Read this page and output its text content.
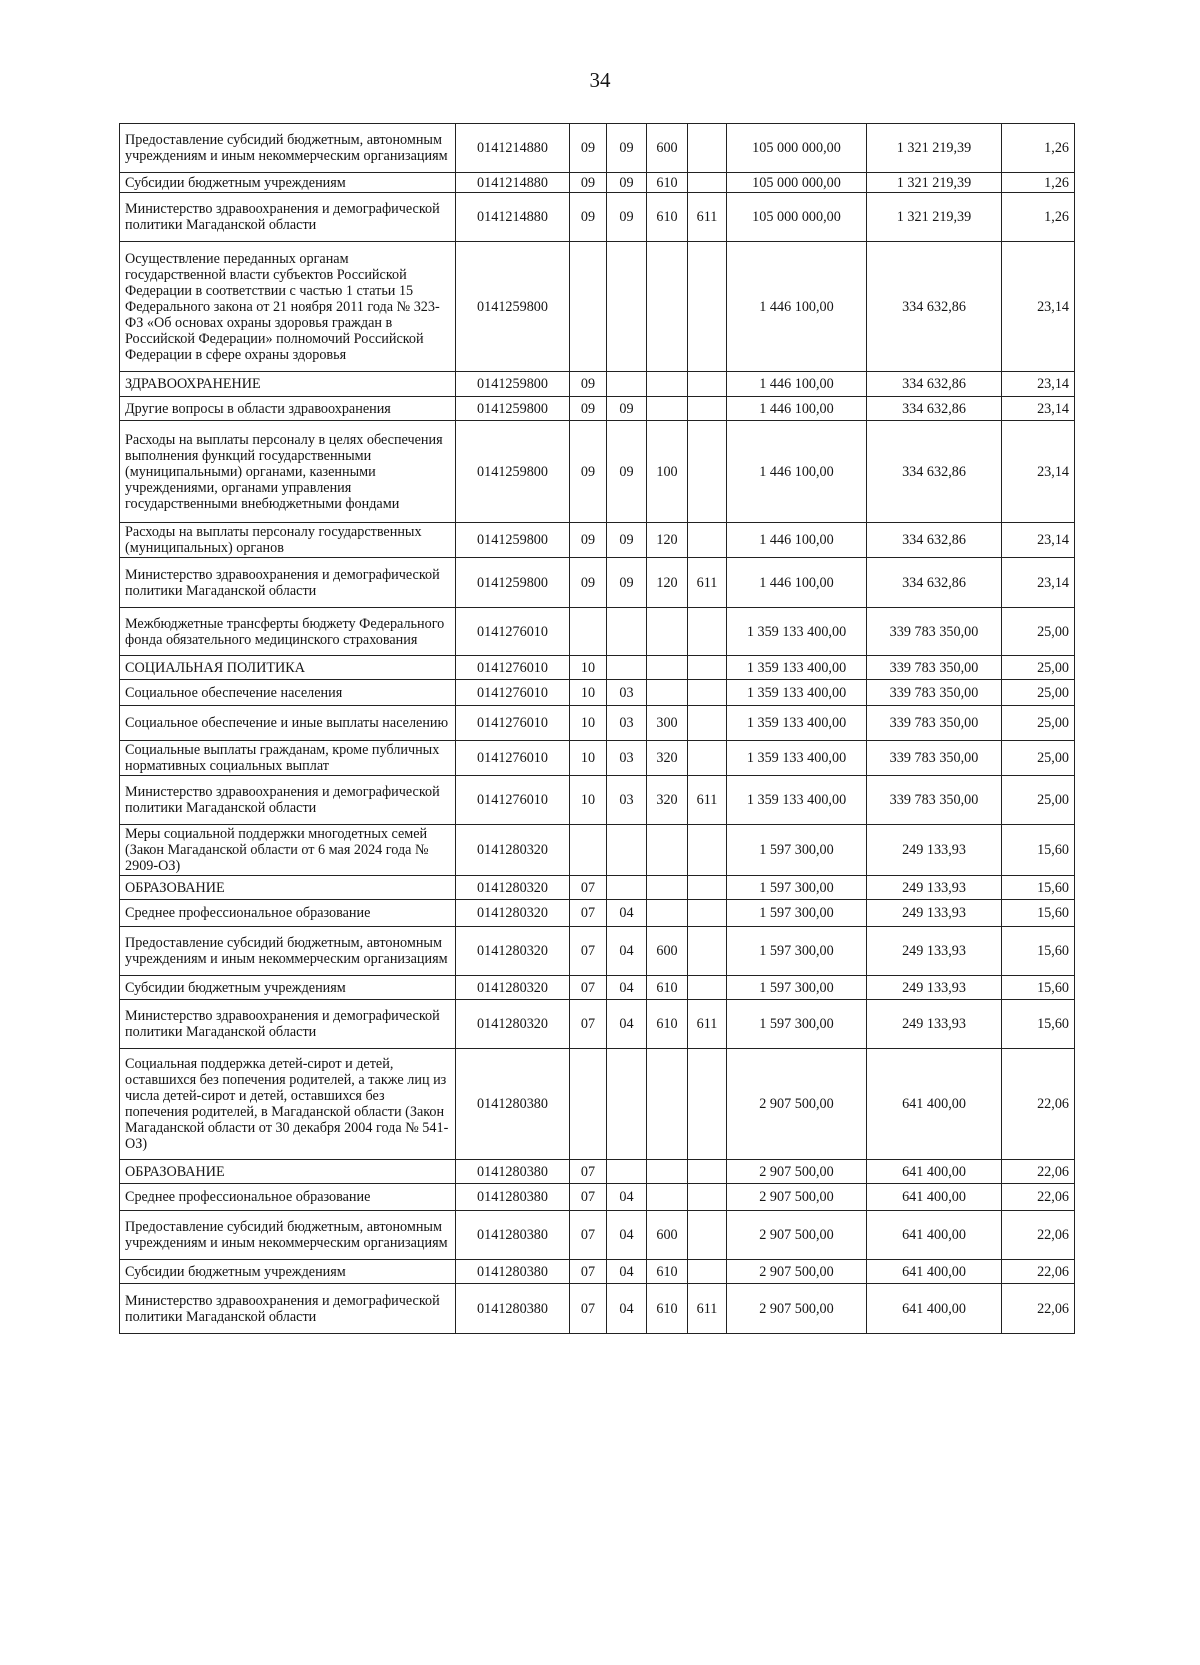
34
Предоставление субсидий бюджетным, автономным учреждениям и иным некоммерческим организациям	0141214880	09	09	600		105 000 000,00	1 321 219,39	1,26
Субсидии бюджетным учреждениям	0141214880	09	09	610		105 000 000,00	1 321 219,39	1,26
Министерство здравоохранения и демографической политики Магаданской области	0141214880	09	09	610	611	105 000 000,00	1 321 219,39	1,26
Осуществление переданных органам государственной власти субъектов Российской Федерации в соответствии с частью 1 статьи 15 Федерального закона от 21 ноября 2011 года № 323-ФЗ «Об основах охраны здоровья граждан в Российской Федерации» полномочий Российской Федерации в сфере охраны здоровья	0141259800					1 446 100,00	334 632,86	23,14
ЗДРАВООХРАНЕНИЕ	0141259800	09				1 446 100,00	334 632,86	23,14
Другие вопросы в области здравоохранения	0141259800	09	09			1 446 100,00	334 632,86	23,14
Расходы на выплаты персоналу в целях обеспечения выполнения функций государственными (муниципальными) органами, казенными учреждениями, органами управления государственными внебюджетными фондами	0141259800	09	09	100		1 446 100,00	334 632,86	23,14
Расходы на выплаты персоналу государственных (муниципальных) органов	0141259800	09	09	120		1 446 100,00	334 632,86	23,14
Министерство здравоохранения и демографической политики Магаданской области	0141259800	09	09	120	611	1 446 100,00	334 632,86	23,14
Межбюджетные трансферты бюджету Федерального фонда обязательного медицинского страхования	0141276010					1 359 133 400,00	339 783 350,00	25,00
СОЦИАЛЬНАЯ ПОЛИТИКА	0141276010	10				1 359 133 400,00	339 783 350,00	25,00
Социальное обеспечение населения	0141276010	10	03			1 359 133 400,00	339 783 350,00	25,00
Социальное обеспечение и иные выплаты населению	0141276010	10	03	300		1 359 133 400,00	339 783 350,00	25,00
Социальные выплаты гражданам, кроме публичных нормативных социальных выплат	0141276010	10	03	320		1 359 133 400,00	339 783 350,00	25,00
Министерство здравоохранения и демографической политики Магаданской области	0141276010	10	03	320	611	1 359 133 400,00	339 783 350,00	25,00
Меры социальной поддержки многодетных семей (Закон Магаданской области от 6 мая 2024 года № 2909-ОЗ)	0141280320					1 597 300,00	249 133,93	15,60
ОБРАЗОВАНИЕ	0141280320	07				1 597 300,00	249 133,93	15,60
Среднее профессиональное образование	0141280320	07	04			1 597 300,00	249 133,93	15,60
Предоставление субсидий бюджетным, автономным учреждениям и иным некоммерческим организациям	0141280320	07	04	600		1 597 300,00	249 133,93	15,60
Субсидии бюджетным учреждениям	0141280320	07	04	610		1 597 300,00	249 133,93	15,60
Министерство здравоохранения и демографической политики Магаданской области	0141280320	07	04	610	611	1 597 300,00	249 133,93	15,60
Социальная поддержка детей-сирот и детей, оставшихся без попечения родителей, а также лиц из числа детей-сирот и детей, оставшихся без попечения родителей, в Магаданской области (Закон Магаданской области от 30 декабря 2004 года № 541-ОЗ)	0141280380					2 907 500,00	641 400,00	22,06
ОБРАЗОВАНИЕ	0141280380	07				2 907 500,00	641 400,00	22,06
Среднее профессиональное образование	0141280380	07	04			2 907 500,00	641 400,00	22,06
Предоставление субсидий бюджетным, автономным учреждениям и иным некоммерческим организациям	0141280380	07	04	600		2 907 500,00	641 400,00	22,06
Субсидии бюджетным учреждениям	0141280380	07	04	610		2 907 500,00	641 400,00	22,06
Министерство здравоохранения и демографической политики Магаданской области	0141280380	07	04	610	611	2 907 500,00	641 400,00	22,06
